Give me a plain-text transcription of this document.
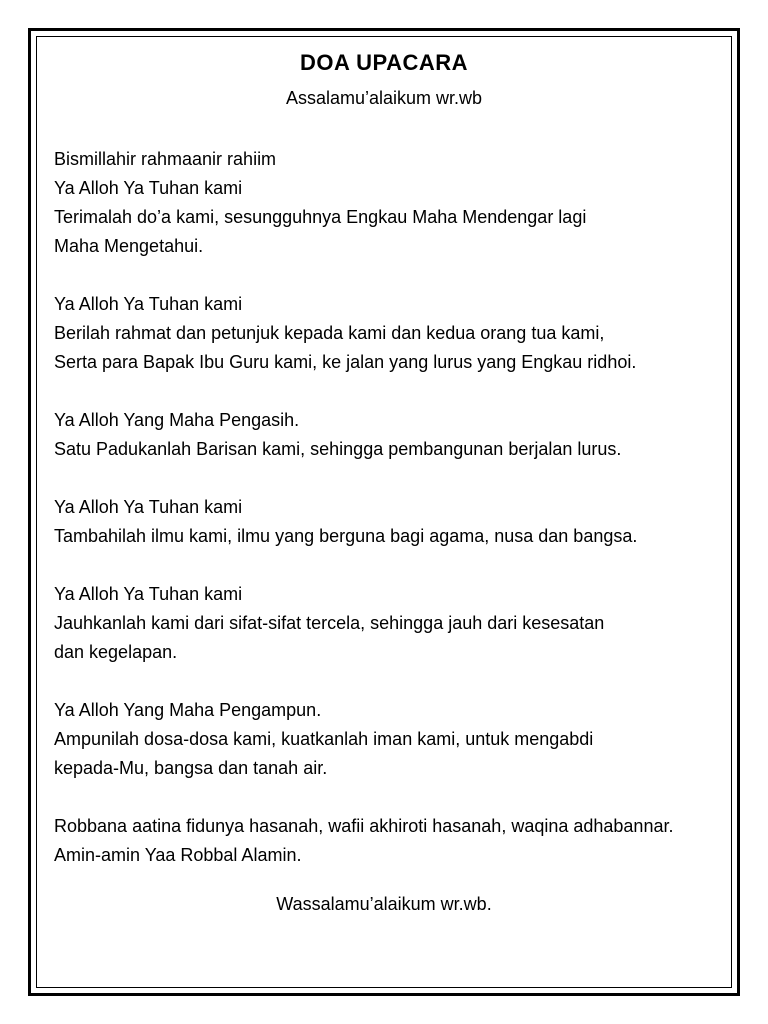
DOA UPACARA
Assalamu’alaikum wr.wb
Bismillahir rahmaanir rahiim
Ya Alloh Ya Tuhan kami
Terimalah do’a kami, sesungguhnya Engkau Maha Mendengar lagi
Maha Mengetahui.
Ya Alloh Ya Tuhan kami
Berilah rahmat dan petunjuk kepada kami dan kedua orang tua kami,
Serta para Bapak Ibu Guru kami, ke jalan yang lurus yang Engkau ridhoi.
Ya Alloh Yang Maha Pengasih.
Satu Padukanlah Barisan kami, sehingga pembangunan berjalan lurus.
Ya Alloh Ya Tuhan kami
Tambahilah ilmu kami, ilmu yang berguna bagi agama, nusa dan bangsa.
Ya Alloh Ya Tuhan kami
Jauhkanlah kami dari sifat-sifat tercela, sehingga jauh dari kesesatan
dan kegelapan.
Ya Alloh Yang Maha Pengampun.
Ampunilah dosa-dosa kami, kuatkanlah iman kami, untuk mengabdi
kepada-Mu, bangsa dan tanah air.
Robbana aatina fidunya hasanah, wafii akhiroti hasanah, waqina adhabannar.
Amin-amin Yaa Robbal Alamin.
Wassalamu’alaikum wr.wb.
